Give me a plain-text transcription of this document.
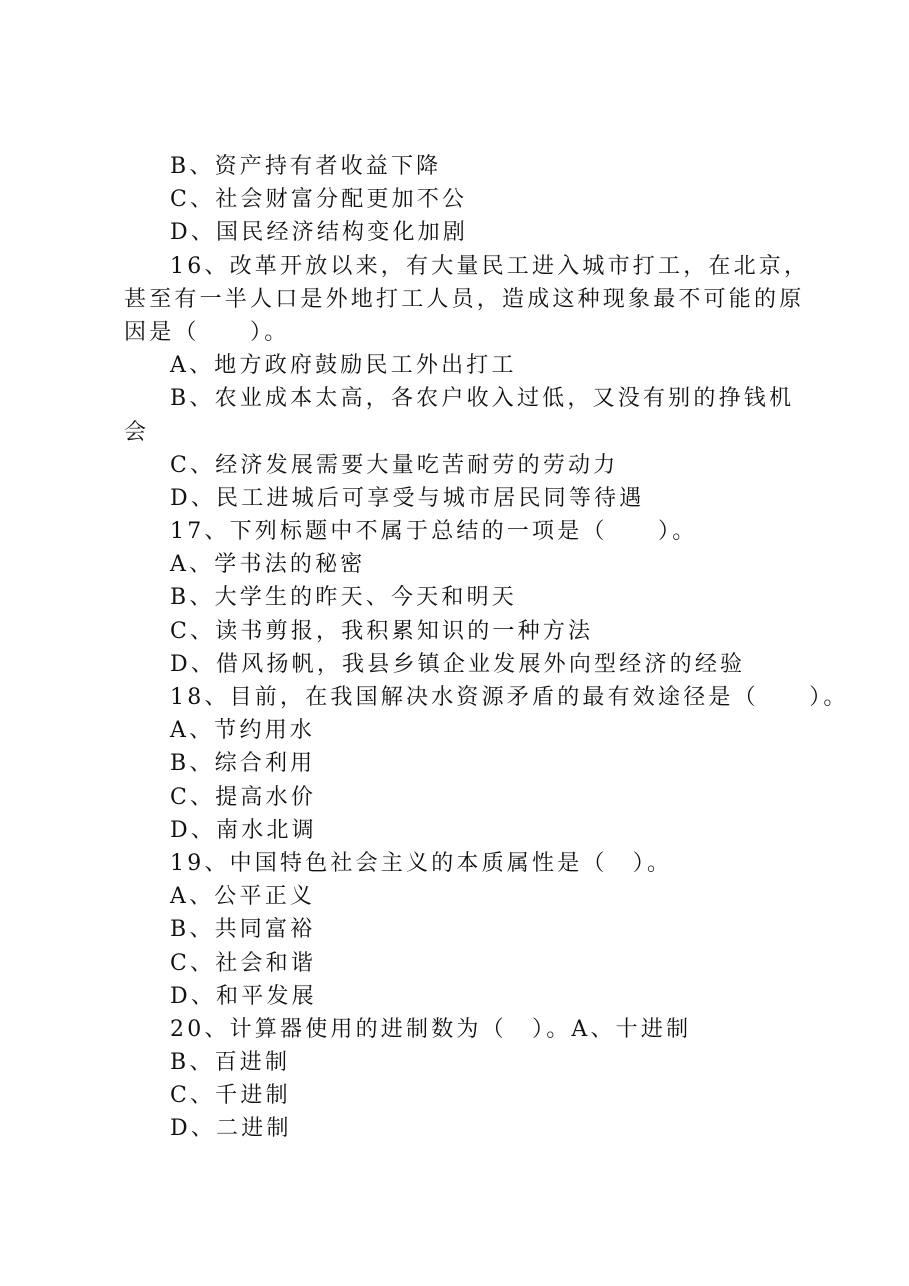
B、资产持有者收益下降
C、社会财富分配更加不公
D、国民经济结构变化加剧
16、改革开放以来，有大量民工进入城市打工，在北京，
甚至有一半人口是外地打工人员，造成这种现象最不可能的原
因是（　　）。
A、地方政府鼓励民工外出打工
B、农业成本太高，各农户收入过低，又没有别的挣钱机
会
C、经济发展需要大量吃苦耐劳的劳动力
D、民工进城后可享受与城市居民同等待遇
17、下列标题中不属于总结的一项是（　　）。
A、学书法的秘密
B、大学生的昨天、今天和明天
C、读书剪报，我积累知识的一种方法
D、借风扬帆，我县乡镇企业发展外向型经济的经验
18、目前，在我国解决水资源矛盾的最有效途径是（　　）。
A、节约用水
B、综合利用
C、提高水价
D、南水北调
19、中国特色社会主义的本质属性是（　）。
A、公平正义
B、共同富裕
C、社会和谐
D、和平发展
20、计算器使用的进制数为（　）。A、十进制
B、百进制
C、千进制
D、二进制
